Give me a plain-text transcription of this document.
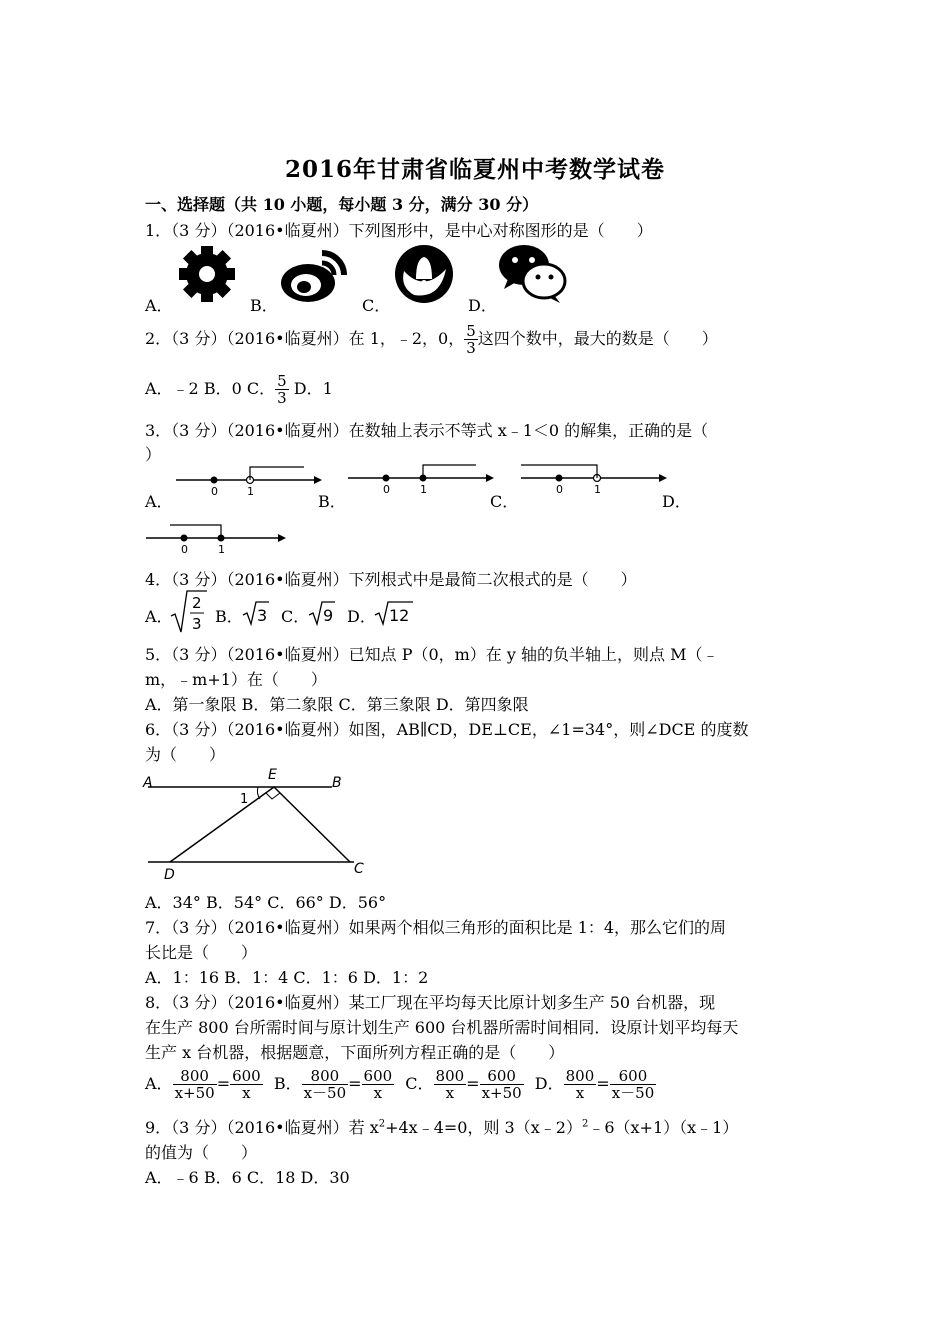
2016年甘肃省临夏州中考数学试卷
一、选择题（共 10 小题，每小题 3 分，满分 30 分）
1．（3 分）（2016•临夏州）下列图形中，是中心对称图形的是（　　）
A．	B．	C．	D．
2．（3 分）（2016•临夏州）在 1，﹣2，0， $\frac{5}{3}$ 这四个数中，最大的数是（　　）
A．﹣2 B．0 C． $\frac{5}{3}$ D．1
3．（3 分）（2016•临夏州）在数轴上表示不等式 x﹣1＜0 的解集，正确的是（
）
A．
0	1
B．
0	1
C．
0	1
D．
0	1
4．（3 分）（2016•临夏州）下列根式中是最简二次根式的是（　　）
A．
2
3 B． 3 C． 9 D． 12
5．（3 分）（2016•临夏州）已知点 P（0，m）在 y 轴的负半轴上，则点 M（﹣
m，﹣m+1）在（　　）
A．第一象限 B．第二象限 C．第三象限 D．第四象限
6．（3 分）（2016•临夏州）如图，AB∥CD，DE⊥CE，∠1=34°，则∠DCE 的度数
为（　　）
A	B
C
D
E
1
A．34° B．54° C．66° D．56°
7．（3 分）（2016•临夏州）如果两个相似三角形的面积比是 1：4，那么它们的周
长比是（　　）
A．1：16 B．1：4 C．1：6 D．1：2
8．（3 分）（2016•临夏州）某工厂现在平均每天比原计划多生产 50 台机器，现
在生产 800 台所需时间与原计划生产 600 台机器所需时间相同．设原计划平均每天
生产 x 台机器，根据题意，下面所列方程正确的是（　　）
A． $\frac{800}{x+50} = \frac{600}{x}$ B． $\frac{800}{x-50} = \frac{600}{x}$ C． $\frac{800}{x} = \frac{600}{x+50}$ D． $\frac{800}{x} = \frac{600}{x-50}$
9．（3 分）（2016•临夏州）若 $x^2+4x﹣4=0$，则 3（x﹣2）$^2$﹣6（x+1）（x﹣1）
的值为（　　）
A．﹣6 B．6 C．18 D．30
